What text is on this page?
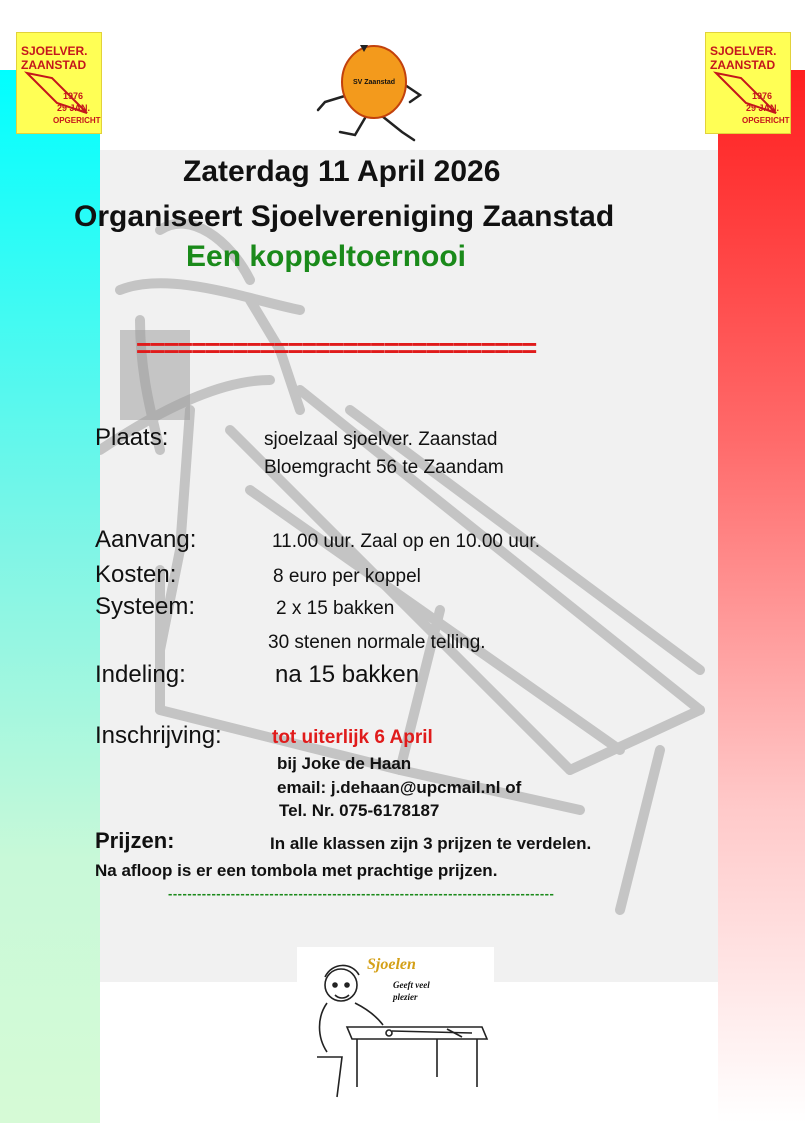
SJOELVER.
ZAANSTAD
1976
29 JAN.
OPGERICHT
SJOELVER.
ZAANSTAD
1976
29 JAN.
OPGERICHT
SV Zaanstad
Zaterdag 11 April 2026
Organiseert Sjoelvereniging Zaanstad
Een koppeltoernooi
=============================
Plaats:	sjoelzaal sjoelver. Zaanstad
Bloemgracht 56 te Zaandam
Aanvang:	11.00 uur. Zaal op en 10.00 uur.
Kosten:	8 euro per koppel
Systeem:	2 x 15 bakken
30 stenen normale telling.
Indeling:	na 15 bakken
Inschrijving:	tot uiterlijk 6 April
bij Joke de Haan
email: j.dehaan@upcmail.nl of
Tel. Nr. 075-6178187
Prijzen:	In alle klassen zijn 3 prijzen te verdelen.
Na afloop is er een tombola met prachtige prijzen.
--------------------------------------------------------------------------------
Sjoelen
Geeft veel
plezier
